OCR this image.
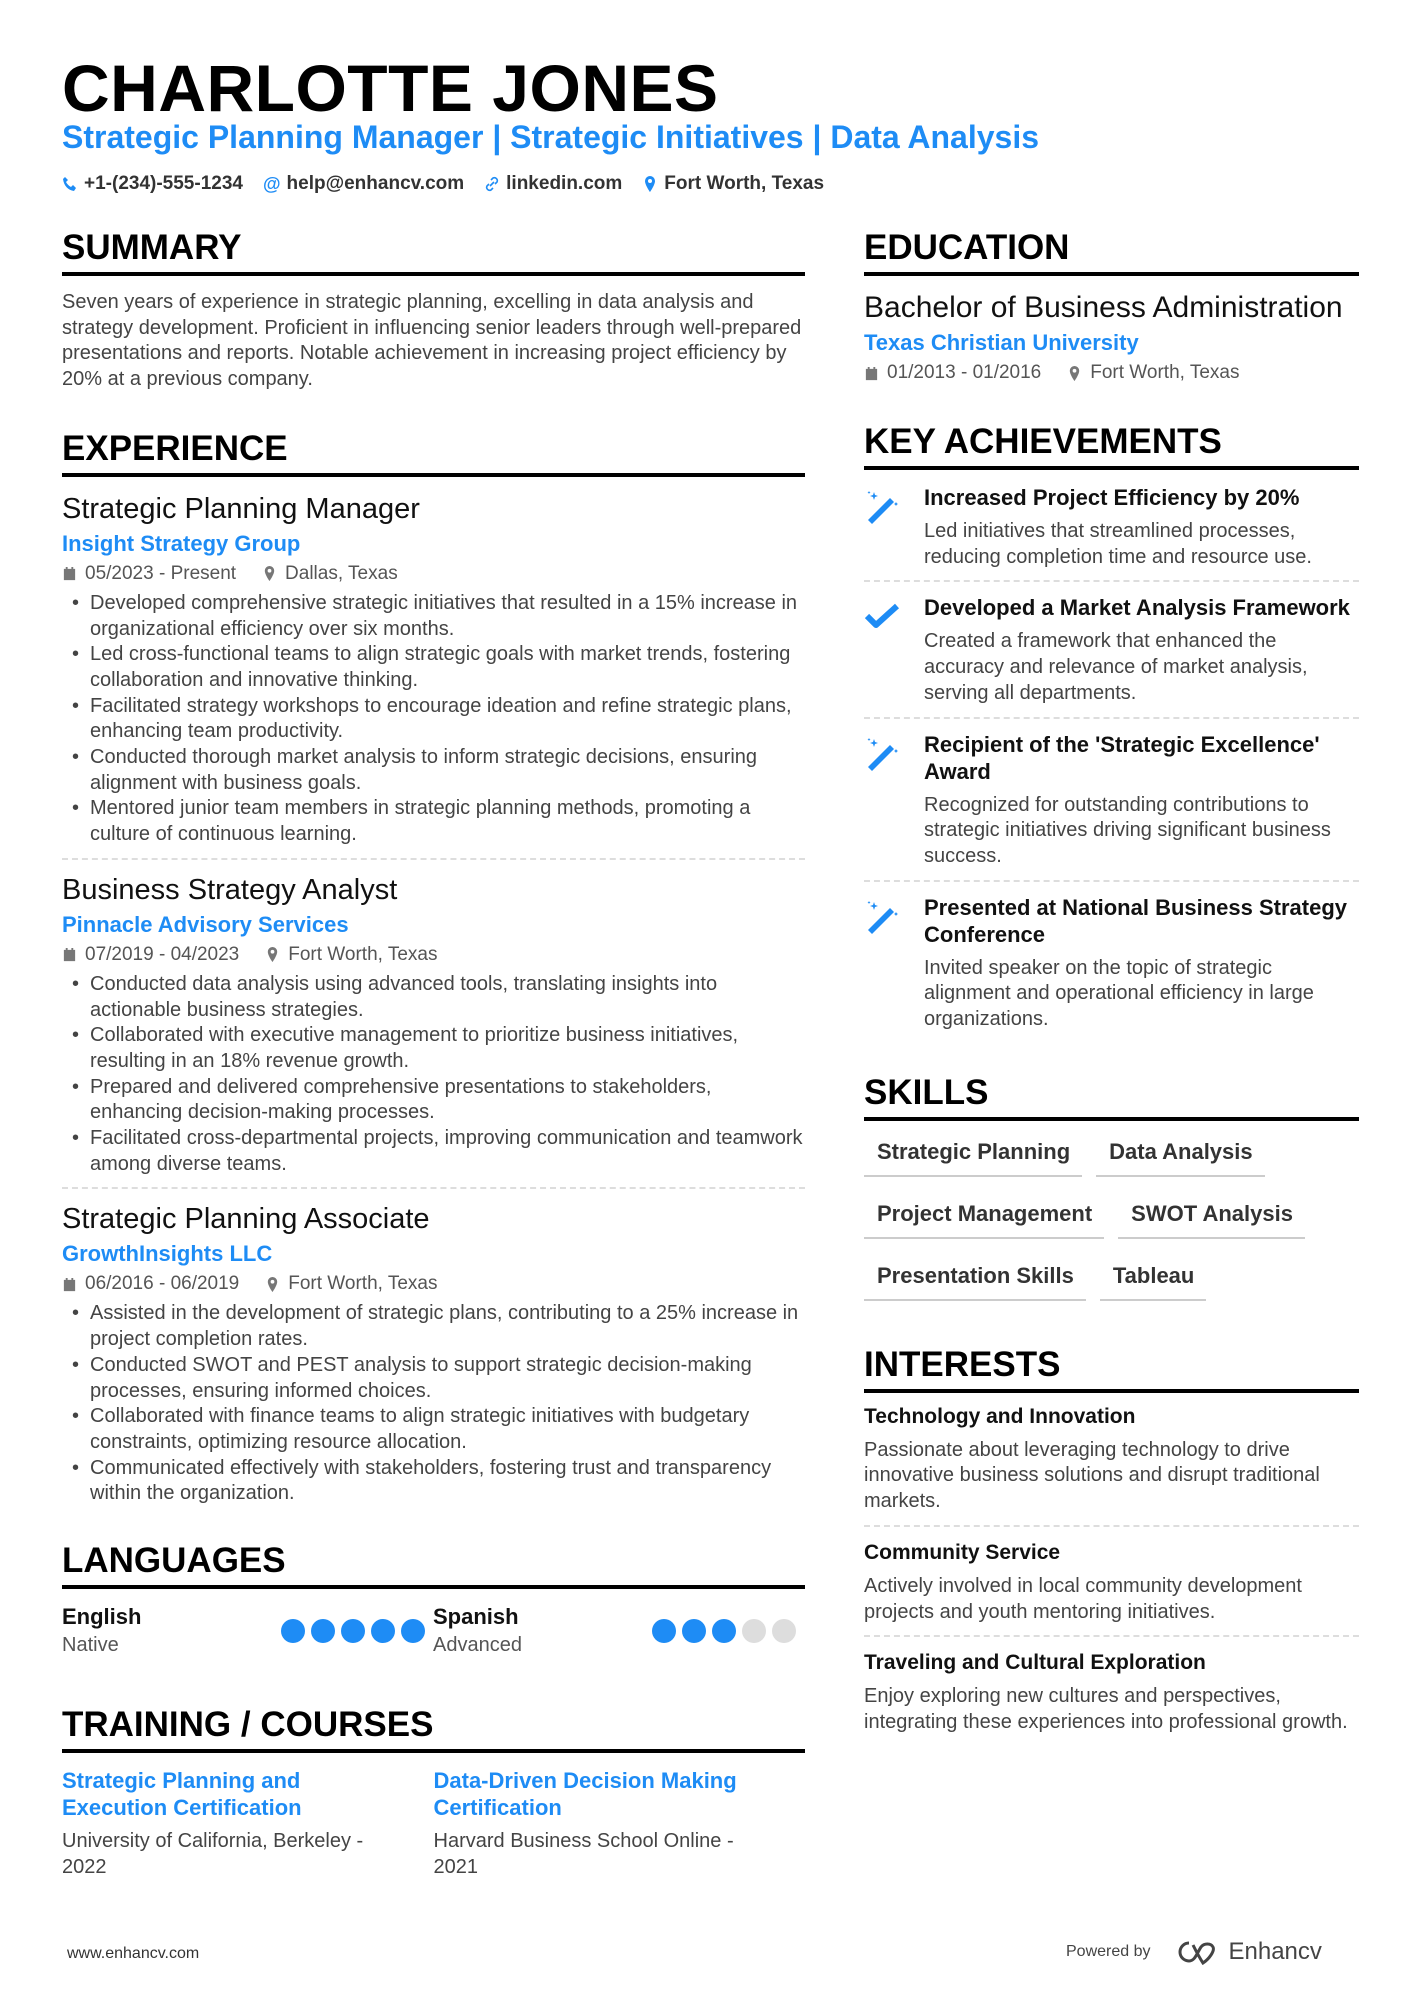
CHARLOTTE JONES
Strategic Planning Manager | Strategic Initiatives | Data Analysis
+1-(234)-555-1234 @ help@enhancv.com linkedin.com Fort Worth, Texas
SUMMARY
Seven years of experience in strategic planning, excelling in data analysis and strategy development. Proficient in influencing senior leaders through well-prepared presentations and reports. Notable achievement in increasing project efficiency by 20% at a previous company.
EXPERIENCE
Strategic Planning Manager
Insight Strategy Group
05/2023 - Present	Dallas, Texas
• Developed comprehensive strategic initiatives that resulted in a 15% increase in organizational efficiency over six months.
• Led cross-functional teams to align strategic goals with market trends, fostering collaboration and innovative thinking.
• Facilitated strategy workshops to encourage ideation and refine strategic plans, enhancing team productivity.
• Conducted thorough market analysis to inform strategic decisions, ensuring alignment with business goals.
• Mentored junior team members in strategic planning methods, promoting a culture of continuous learning.
Business Strategy Analyst
Pinnacle Advisory Services
07/2019 - 04/2023	Fort Worth, Texas
• Conducted data analysis using advanced tools, translating insights into actionable business strategies.
• Collaborated with executive management to prioritize business initiatives, resulting in an 18% revenue growth.
• Prepared and delivered comprehensive presentations to stakeholders, enhancing decision-making processes.
• Facilitated cross-departmental projects, improving communication and teamwork among diverse teams.
Strategic Planning Associate
GrowthInsights LLC
06/2016 - 06/2019	Fort Worth, Texas
• Assisted in the development of strategic plans, contributing to a 25% increase in project completion rates.
• Conducted SWOT and PEST analysis to support strategic decision-making processes, ensuring informed choices.
• Collaborated with finance teams to align strategic initiatives with budgetary constraints, optimizing resource allocation.
• Communicated effectively with stakeholders, fostering trust and transparency within the organization.
LANGUAGES
English
Native
Spanish
Advanced
TRAINING / COURSES
Strategic Planning and Execution Certification
University of California, Berkeley - 2022
Data-Driven Decision Making Certification
Harvard Business School Online - 2021
EDUCATION
Bachelor of Business Administration
Texas Christian University
01/2013 - 01/2016	Fort Worth, Texas
KEY ACHIEVEMENTS
Increased Project Efficiency by 20%
Led initiatives that streamlined processes, reducing completion time and resource use.
Developed a Market Analysis Framework
Created a framework that enhanced the accuracy and relevance of market analysis, serving all departments.
Recipient of the 'Strategic Excellence' Award
Recognized for outstanding contributions to strategic initiatives driving significant business success.
Presented at National Business Strategy Conference
Invited speaker on the topic of strategic alignment and operational efficiency in large organizations.
SKILLS
Strategic Planning	Data Analysis
Project Management	SWOT Analysis
Presentation Skills	Tableau
INTERESTS
Technology and Innovation
Passionate about leveraging technology to drive innovative business solutions and disrupt traditional markets.
Community Service
Actively involved in local community development projects and youth mentoring initiatives.
Traveling and Cultural Exploration
Enjoy exploring new cultures and perspectives, integrating these experiences into professional growth.
www.enhancv.com	Powered by	Enhancv
